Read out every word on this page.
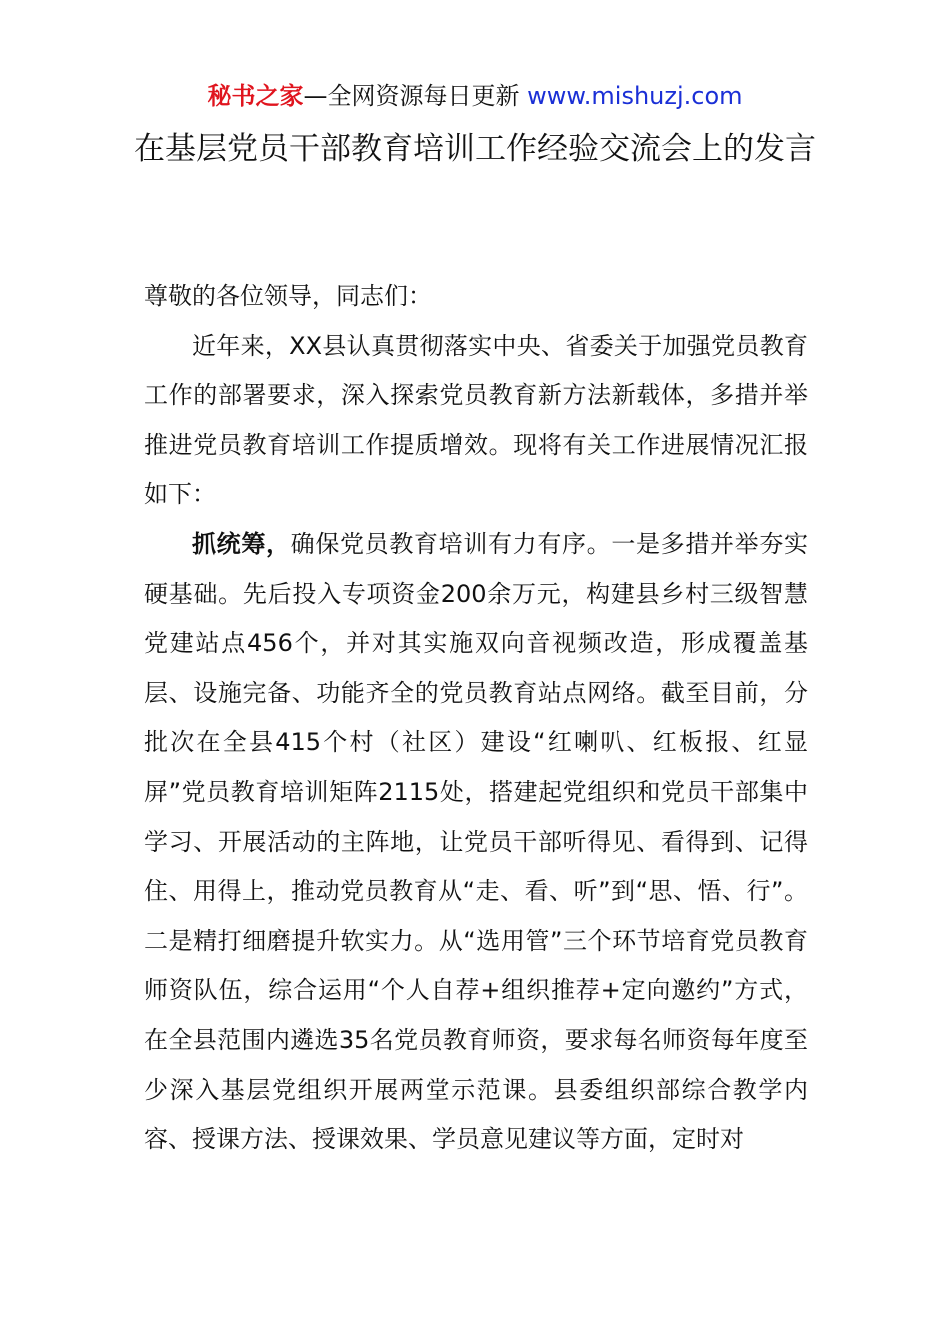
秘书之家—全网资源每日更新 www.mishuzj.com
在基层党员干部教育培训工作经验交流会上的发言

尊敬的各位领导，同志们：

近年来，XX县认真贯彻落实中央、省委关于加强党员教育工作的部署要求，深入探索党员教育新方法新载体，多措并举推进党员教育培训工作提质增效。现将有关工作进展情况汇报如下：

抓统筹，确保党员教育培训有力有序。一是多措并举夯实硬基础。先后投入专项资金200余万元，构建县乡村三级智慧党建站点456个，并对其实施双向音视频改造，形成覆盖基层、设施完备、功能齐全的党员教育站点网络。截至目前，分批次在全县415个村（社区）建设“红喇叭、红板报、红显屏”党员教育培训矩阵2115处，搭建起党组织和党员干部集中学习、开展活动的主阵地，让党员干部听得见、看得到、记得住、用得上，推动党员教育从“走、看、听”到“思、悟、行”。二是精打细磨提升软实力。从“选用管”三个环节培育党员教育师资队伍，综合运用“个人自荐+组织推荐+定向邀约”方式，在全县范围内遴选35名党员教育师资，要求每名师资每年度至少深入基层党组织开展两堂示范课。县委组织部综合教学内容、授课方法、授课效果、学员意见建议等方面，定时对
